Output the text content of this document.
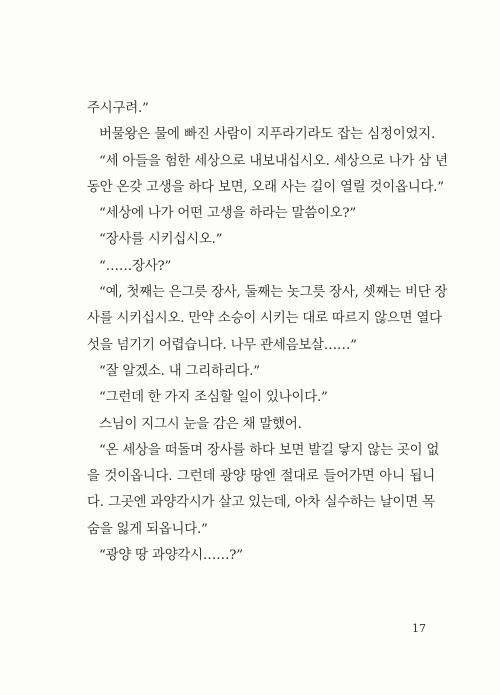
주시구려.”
버물왕은 물에 빠진 사람이 지푸라기라도 잡는 심정이었지.
“세 아들을 험한 세상으로 내보내십시오. 세상으로 나가 삼 년
동안 온갖 고생을 하다 보면, 오래 사는 길이 열릴 것이옵니다.”
“세상에 나가 어떤 고생을 하라는 말씀이오?”
“장사를 시키십시오.”
“……장사?”
“예, 첫째는 은그릇 장사, 둘째는 놋그릇 장사, 셋째는 비단 장
사를 시키십시오. 만약 소승이 시키는 대로 따르지 않으면 열다
섯을 넘기기 어렵습니다. 나무 관세음보살……”
“잘 알겠소. 내 그리하리다.”
“그런데 한 가지 조심할 일이 있나이다.”
스님이 지그시 눈을 감은 채 말했어.
“온 세상을 떠돌며 장사를 하다 보면 발길 닿지 않는 곳이 없
을 것이옵니다. 그런데 광양 땅엔 절대로 들어가면 아니 됩니
다. 그곳엔 과양각시가 살고 있는데, 아차 실수하는 날이면 목
숨을 잃게 되옵니다.”
“광양 땅 과양각시……?”
17
